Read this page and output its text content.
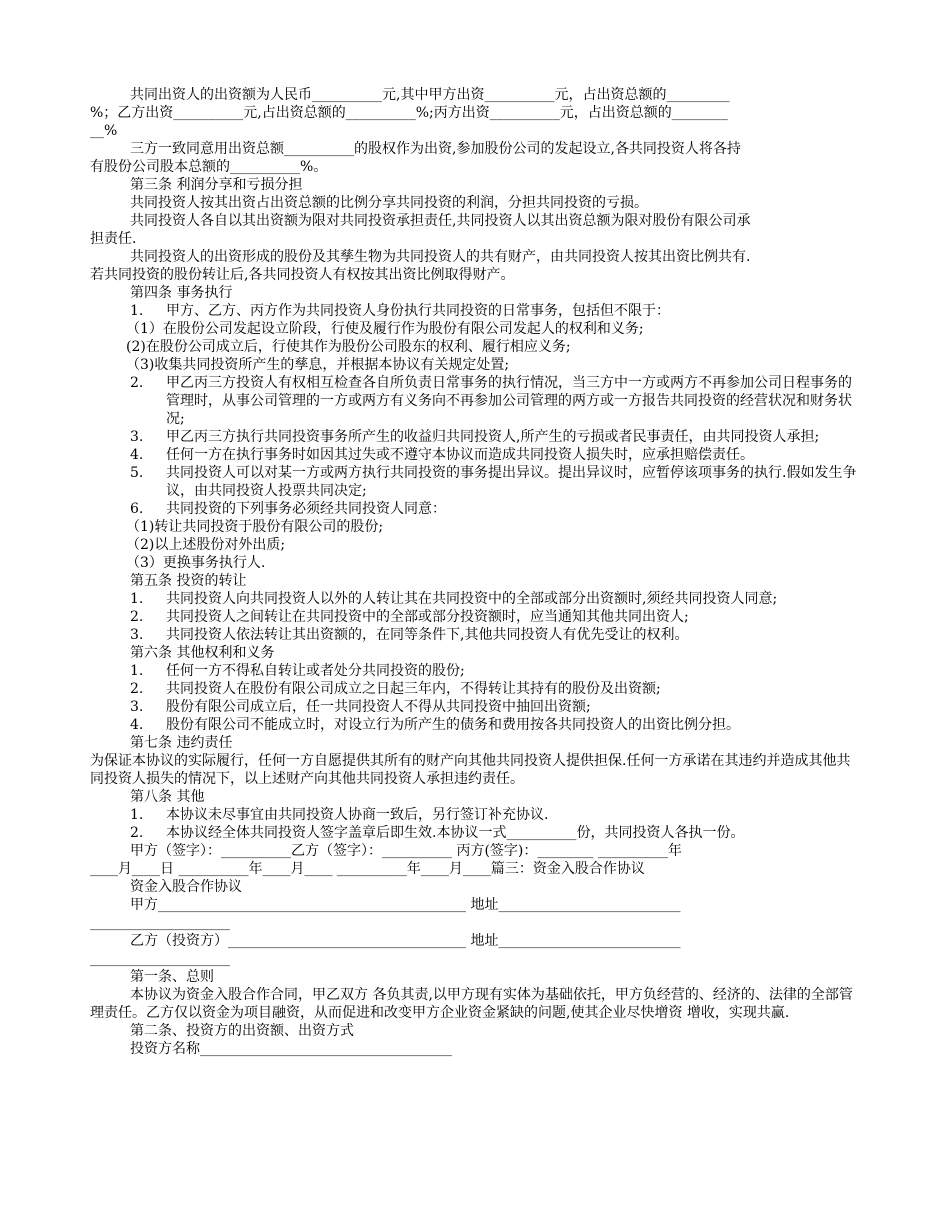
共同出资人的出资额为人民币__________元,其中甲方出资__________元，占出资总额的_________
%；乙方出资__________元,占出资总额的__________%;丙方出资__________元，占出资总额的________
__%
三方一致同意用出资总额__________的股权作为出资,参加股份公司的发起设立,各共同投资人将各持
有股份公司股本总额的__________%。
第三条 利润分享和亏损分担
共同投资人按其出资占出资总额的比例分享共同投资的利润，分担共同投资的亏损。
共同投资人各自以其出资额为限对共同投资承担责任,共同投资人以其出资总额为限对股份有限公司承
担责任.
共同投资人的出资形成的股份及其孳生物为共同投资人的共有财产，由共同投资人按其出资比例共有.
若共同投资的股份转让后,各共同投资人有权按其出资比例取得财产。
第四条 事务执行
1.	甲方、乙方、丙方作为共同投资人身份执行共同投资的日常事务，包括但不限于：
（1）在股份公司发起设立阶段，行使及履行作为股份有限公司发起人的权利和义务;
(2)在股份公司成立后，行使其作为股份公司股东的权利、履行相应义务;
（3)收集共同投资所产生的孳息，并根据本协议有关规定处置;
2.	甲乙丙三方投资人有权相互检查各自所负责日常事务的执行情况，当三方中一方或两方不再参加公司日程事务的管理时，从事公司管理的一方或两方有义务向不再参加公司管理的两方或一方报告共同投资的经营状况和财务状况;
3.	甲乙丙三方执行共同投资事务所产生的收益归共同投资人,所产生的亏损或者民事责任，由共同投资人承担;
4.	任何一方在执行事务时如因其过失或不遵守本协议而造成共同投资人损失时，应承担赔偿责任。
5.	共同投资人可以对某一方或两方执行共同投资的事务提出异议。提出异议时，应暂停该项事务的执行.假如发生争议，由共同投资人投票共同决定;
6.	共同投资的下列事务必须经共同投资人同意：
（1)转让共同投资于股份有限公司的股份;
（2)以上述股份对外出质;
（3）更换事务执行人.
第五条 投资的转让
1.	共同投资人向共同投资人以外的人转让其在共同投资中的全部或部分出资额时,须经共同投资人同意;
2.	共同投资人之间转让在共同投资中的全部或部分投资额时，应当通知其他共同出资人;
3.	共同投资人依法转让其出资额的，在同等条件下,其他共同投资人有优先受让的权利。
第六条 其他权利和义务
1.	任何一方不得私自转让或者处分共同投资的股份;
2.	共同投资人在股份有限公司成立之日起三年内，不得转让其持有的股份及出资额;
3.	股份有限公司成立后，任一共同投资人不得从共同投资中抽回出资额;
4.	股份有限公司不能成立时，对设立行为所产生的债务和费用按各共同投资人的出资比例分担。
第七条 违约责任
为保证本协议的实际履行，任何一方自愿提供其所有的财产向其他共同投资人提供担保.任何一方承诺在其违约并造成其他共同投资人损失的情况下，以上述财产向其他共同投资人承担违约责任。
第八条 其他
1.	本协议未尽事宜由共同投资人协商一致后，另行签订补充协议.
2.	本协议经全体共同投资人签字盖章后即生效.本协议一式__________份，共同投资人各执一份。
甲方（签字）：__________乙方（签字）：__________ 丙方(签字)：________ __________年
____月____日 __________年____月____ __________年____月____篇三：资金入股合作协议
资金入股合作协议
甲方____________________________________________ 地址__________________________
____________________
乙方（投资方）__________________________________ 地址__________________________
____________________
第一条、总则
本协议为资金入股合作合同，甲乙双方 各负其责,以甲方现有实体为基础依托，甲方负经营的、经济的、法律的全部管理责任。乙方仅以资金为项目融资，从而促进和改变甲方企业资金紧缺的问题,使其企业尽快增资 增收，实现共赢.
第二条、投资方的出资额、出资方式
投资方名称____________________________________
